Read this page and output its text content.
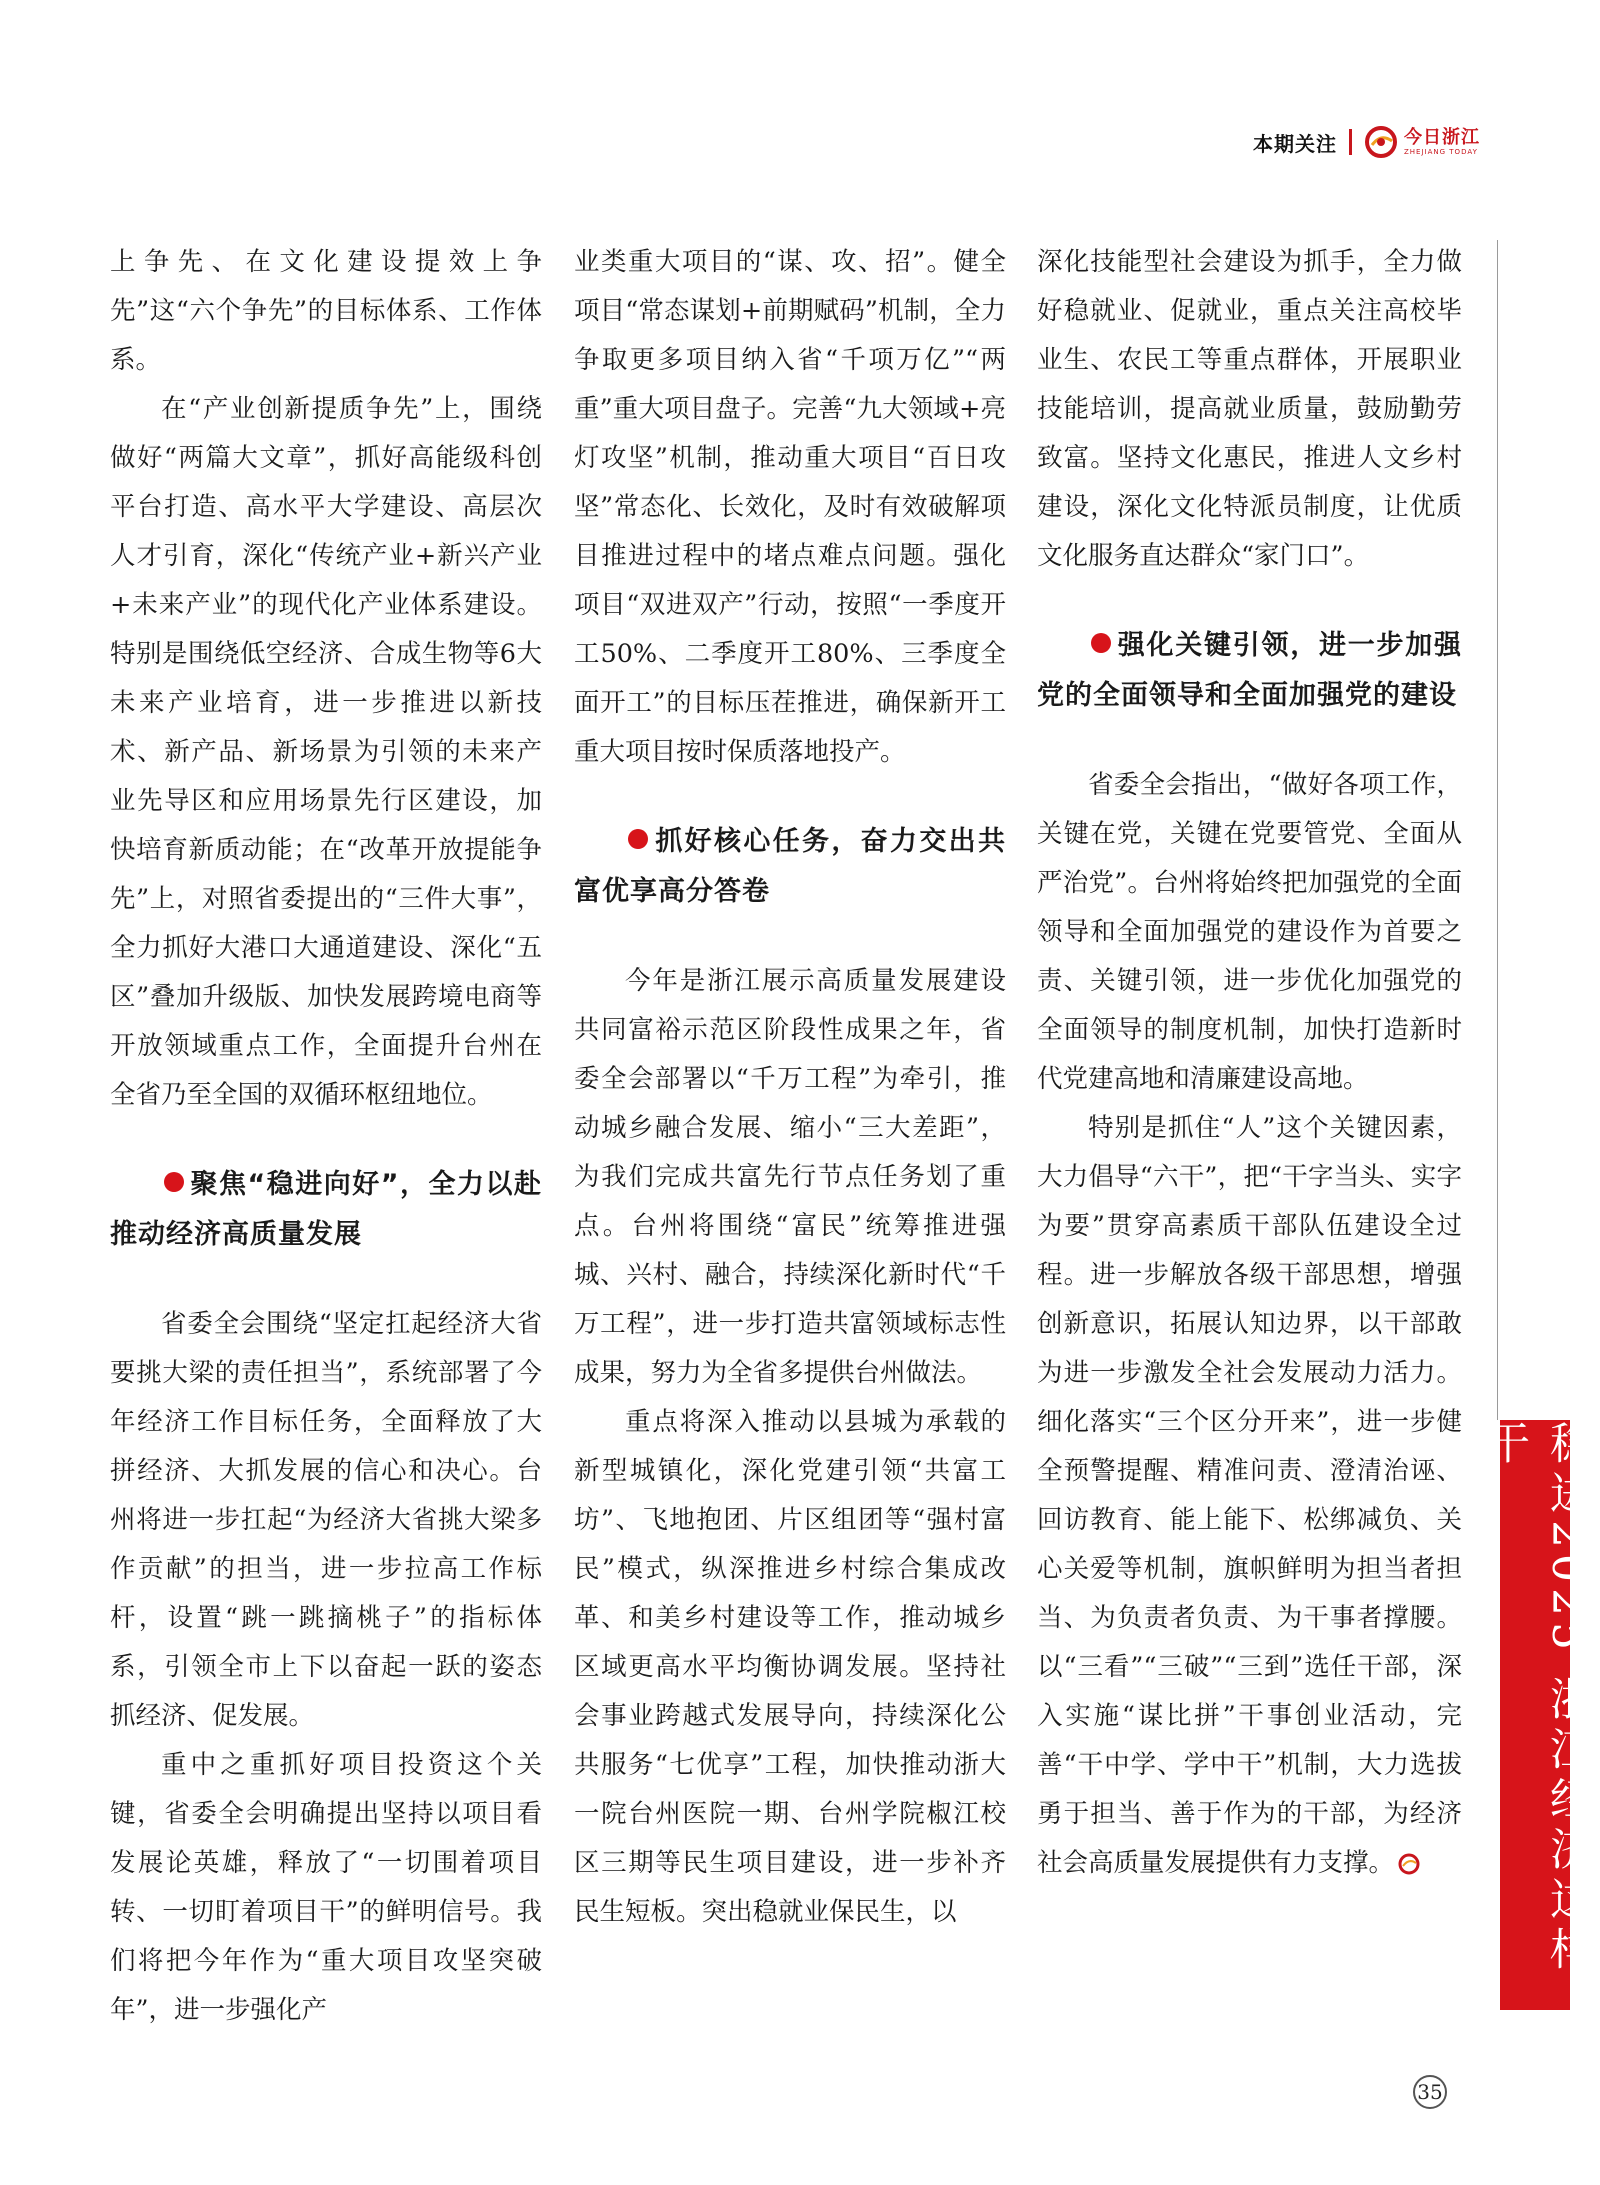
本期关注	今日浙江
ZHEJIANG TODAY

上争先、在文化建设提效上争先”这“六个争先”的目标体系、工作体系。

在“产业创新提质争先”上，围绕做好“两篇大文章”，抓好高能级科创平台打造、高水平大学建设、高层次人才引育，深化“传统产业+新兴产业+未来产业”的现代化产业体系建设。特别是围绕低空经济、合成生物等6大未来产业培育，进一步推进以新技术、新产品、新场景为引领的未来产业先导区和应用场景先行区建设，加快培育新质动能；在“改革开放提能争先”上，对照省委提出的“三件大事”，全力抓好大港口大通道建设、深化“五区”叠加升级版、加快发展跨境电商等开放领域重点工作，全面提升台州在全省乃至全国的双循环枢纽地位。

聚焦“稳进向好”，全力以赴推动经济高质量发展

省委全会围绕“坚定扛起经济大省要挑大梁的责任担当”，系统部署了今年经济工作目标任务，全面释放了大拼经济、大抓发展的信心和决心。台州将进一步扛起“为经济大省挑大梁多作贡献”的担当，进一步拉高工作标杆，设置“跳一跳摘桃子”的指标体系，引领全市上下以奋起一跃的姿态抓经济、促发展。

重中之重抓好项目投资这个关键，省委全会明确提出坚持以项目看发展论英雄，释放了“一切围着项目转、一切盯着项目干”的鲜明信号。我们将把今年作为“重大项目攻坚突破年”，进一步强化产

业类重大项目的“谋、攻、招”。健全项目“常态谋划+前期赋码”机制，全力争取更多项目纳入省“千项万亿”“两重”重大项目盘子。完善“九大领域+亮灯攻坚”机制，推动重大项目“百日攻坚”常态化、长效化，及时有效破解项目推进过程中的堵点难点问题。强化项目“双进双产”行动，按照“一季度开工50%、二季度开工80%、三季度全面开工”的目标压茬推进，确保新开工重大项目按时保质落地投产。

抓好核心任务，奋力交出共富优享高分答卷

今年是浙江展示高质量发展建设共同富裕示范区阶段性成果之年，省委全会部署以“千万工程”为牵引，推动城乡融合发展、缩小“三大差距”，为我们完成共富先行节点任务划了重点。台州将围绕“富民”统筹推进强城、兴村、融合，持续深化新时代“千万工程”，进一步打造共富领域标志性成果，努力为全省多提供台州做法。

重点将深入推动以县城为承载的新型城镇化，深化党建引领“共富工坊”、飞地抱团、片区组团等“强村富民”模式，纵深推进乡村综合集成改革、和美乡村建设等工作，推动城乡区域更高水平均衡协调发展。坚持社会事业跨越式发展导向，持续深化公共服务“七优享”工程，加快推动浙大一院台州医院一期、台州学院椒江校区三期等民生项目建设，进一步补齐民生短板。突出稳就业保民生，以

深化技能型社会建设为抓手，全力做好稳就业、促就业，重点关注高校毕业生、农民工等重点群体，开展职业技能培训，提高就业质量，鼓励勤劳致富。坚持文化惠民，推进人文乡村建设，深化文化特派员制度，让优质文化服务直达群众“家门口”。

强化关键引领，进一步加强党的全面领导和全面加强党的建设

省委全会指出，“做好各项工作，关键在党，关键在党要管党、全面从严治党”。台州将始终把加强党的全面领导和全面加强党的建设作为首要之责、关键引领，进一步优化加强党的全面领导的制度机制，加快打造新时代党建高地和清廉建设高地。

特别是抓住“人”这个关键因素，大力倡导“六干”，把“干字当头、实字为要”贯穿高素质干部队伍建设全过程。进一步解放各级干部思想，增强创新意识，拓展认知边界，以干部敢为进一步激发全社会发展动力活力。细化落实“三个区分开来”，进一步健全预警提醒、精准问责、澄清治诬、回访教育、能上能下、松绑减负、关心关爱等机制，旗帜鲜明为担当者担当、为负责者负责、为干事者撑腰。以“三看”“三破”“三到”选任干部，深入实施“谋比拼”干事创业活动，完善“干中学、学中干”机制，大力选拔勇于担当、善于作为的干部，为经济社会高质量发展提供有力支撑。	稳进2025 浙江经济这样干
35
